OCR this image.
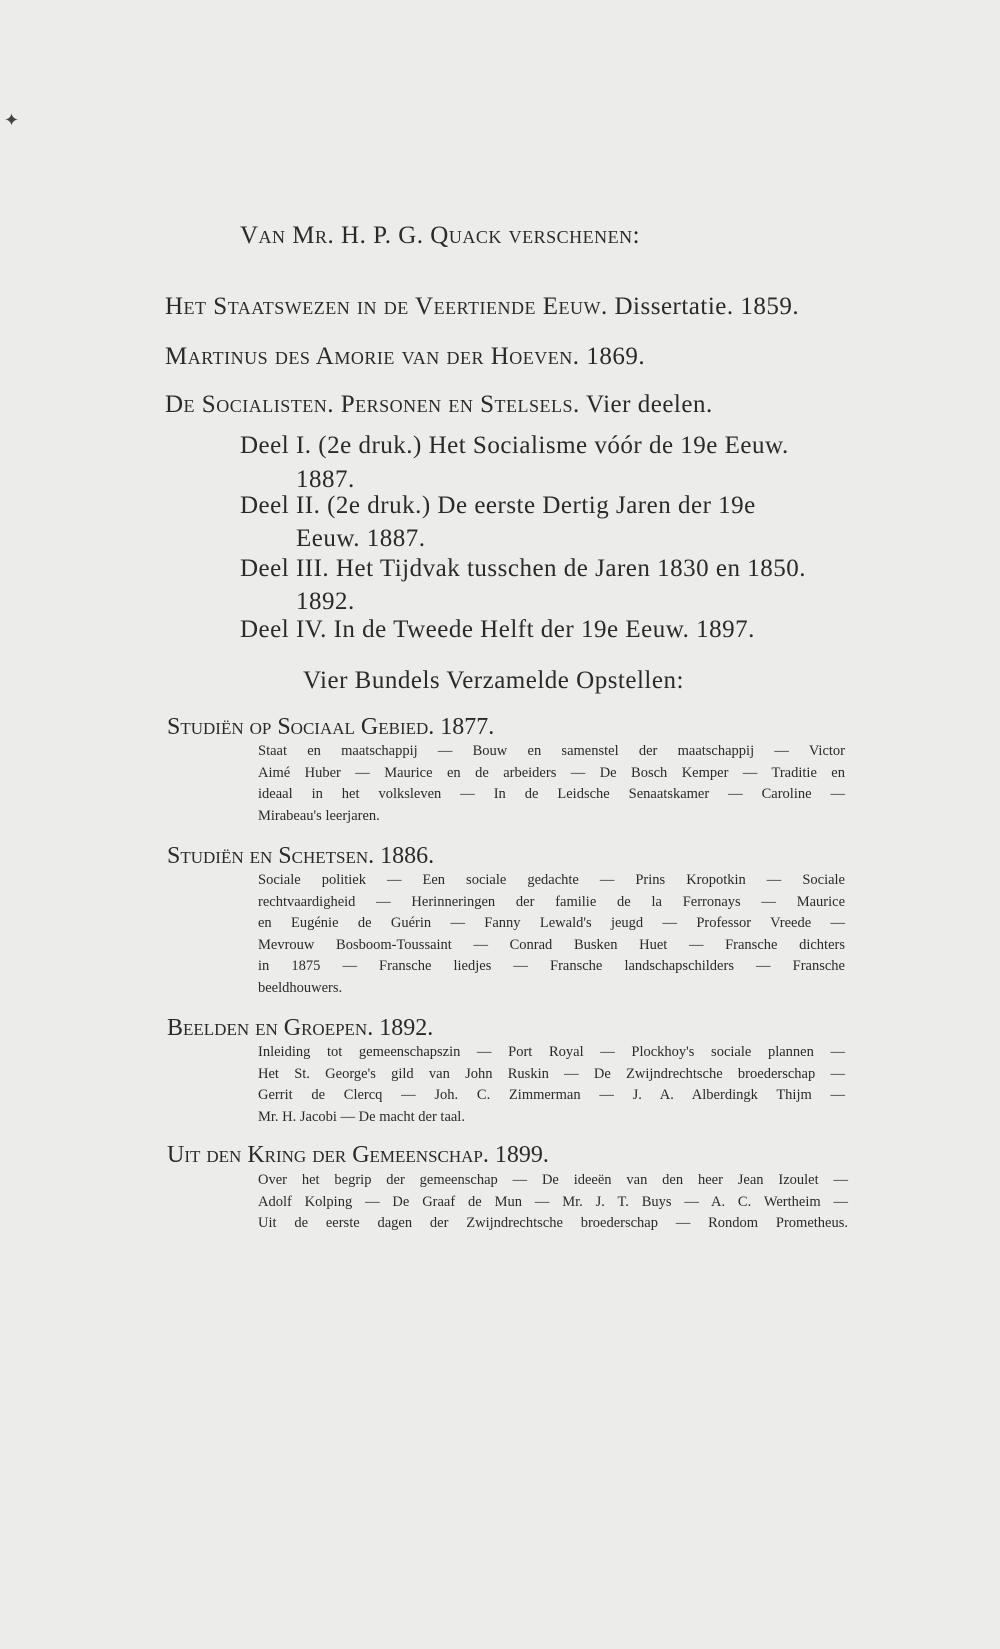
✦
Van Mr. H. P. G. Quack verschenen:
Het Staatswezen in de Veertiende Eeuw. Dissertatie. 1859.
Martinus des Amorie van der Hoeven. 1869.
De Socialisten. Personen en Stelsels. Vier deelen.
Deel I. (2e druk.) Het Socialisme vóór de 19e Eeuw.
1887.
Deel II. (2e druk.) De eerste Dertig Jaren der 19e
Eeuw. 1887.
Deel III. Het Tijdvak tusschen de Jaren 1830 en 1850.
1892.
Deel IV. In de Tweede Helft der 19e Eeuw. 1897.
Vier Bundels Verzamelde Opstellen:
Studiën op Sociaal Gebied. 1877.
Staat en maatschappij — Bouw en samenstel der maatschappij — Victor
Aimé Huber — Maurice en de arbeiders — De Bosch Kemper — Traditie en
ideaal in het volksleven — In de Leidsche Senaatskamer — Caroline —
Mirabeau's leerjaren.
Studiën en Schetsen. 1886.
Sociale politiek — Een sociale gedachte — Prins Kropotkin — Sociale
rechtvaardigheid — Herinneringen der familie de la Ferronays — Maurice
en Eugénie de Guérin — Fanny Lewald's jeugd — Professor Vreede —
Mevrouw Bosboom-Toussaint — Conrad Busken Huet — Fransche dichters
in 1875 — Fransche liedjes — Fransche landschapschilders — Fransche
beeldhouwers.
Beelden en Groepen. 1892.
Inleiding tot gemeenschapszin — Port Royal — Plockhoy's sociale plannen —
Het St. George's gild van John Ruskin — De Zwijndrechtsche broederschap —
Gerrit de Clercq — Joh. C. Zimmerman — J. A. Alberdingk Thijm —
Mr. H. Jacobi — De macht der taal.
Uit den Kring der Gemeenschap. 1899.
Over het begrip der gemeenschap — De ideeën van den heer Jean Izoulet —
Adolf Kolping — De Graaf de Mun — Mr. J. T. Buys — A. C. Wertheim —
Uit de eerste dagen der Zwijndrechtsche broederschap — Rondom Prometheus.
